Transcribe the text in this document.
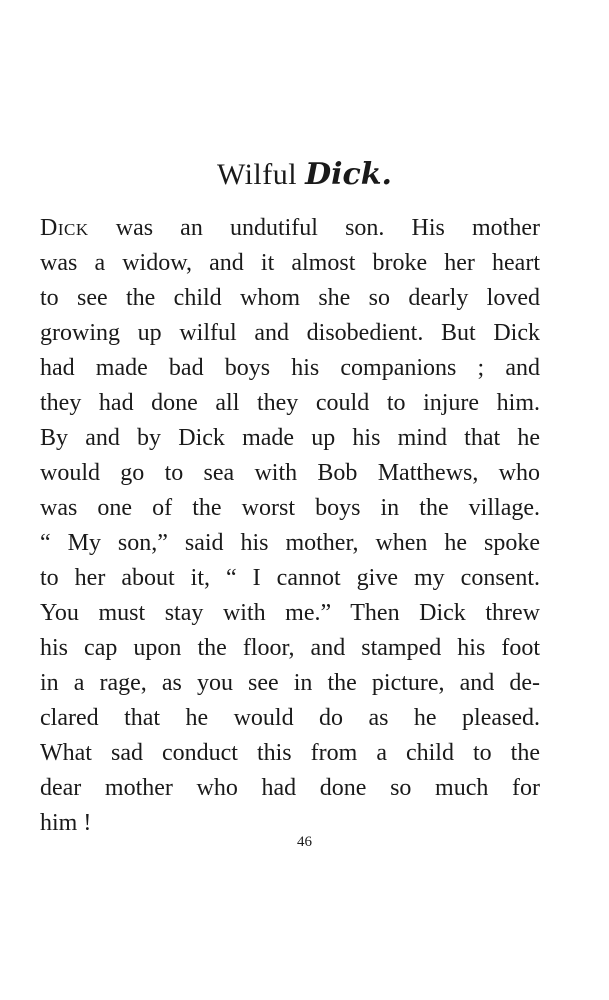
Wilful Dick.
Dick was an undutiful son. His mother
was a widow, and it almost broke her heart
to see the child whom she so dearly loved
growing up wilful and disobedient. But Dick
had made bad boys his companions ; and
they had done all they could to injure him.
By and by Dick made up his mind that he
would go to sea with Bob Matthews, who
was one of the worst boys in the village.
“ My son,” said his mother, when he spoke
to her about it, “ I cannot give my consent.
You must stay with me.” Then Dick threw
his cap upon the floor, and stamped his foot
in a rage, as you see in the picture, and de-
clared that he would do as he pleased.
What sad conduct this from a child to the
dear mother who had done so much for
him !
46
